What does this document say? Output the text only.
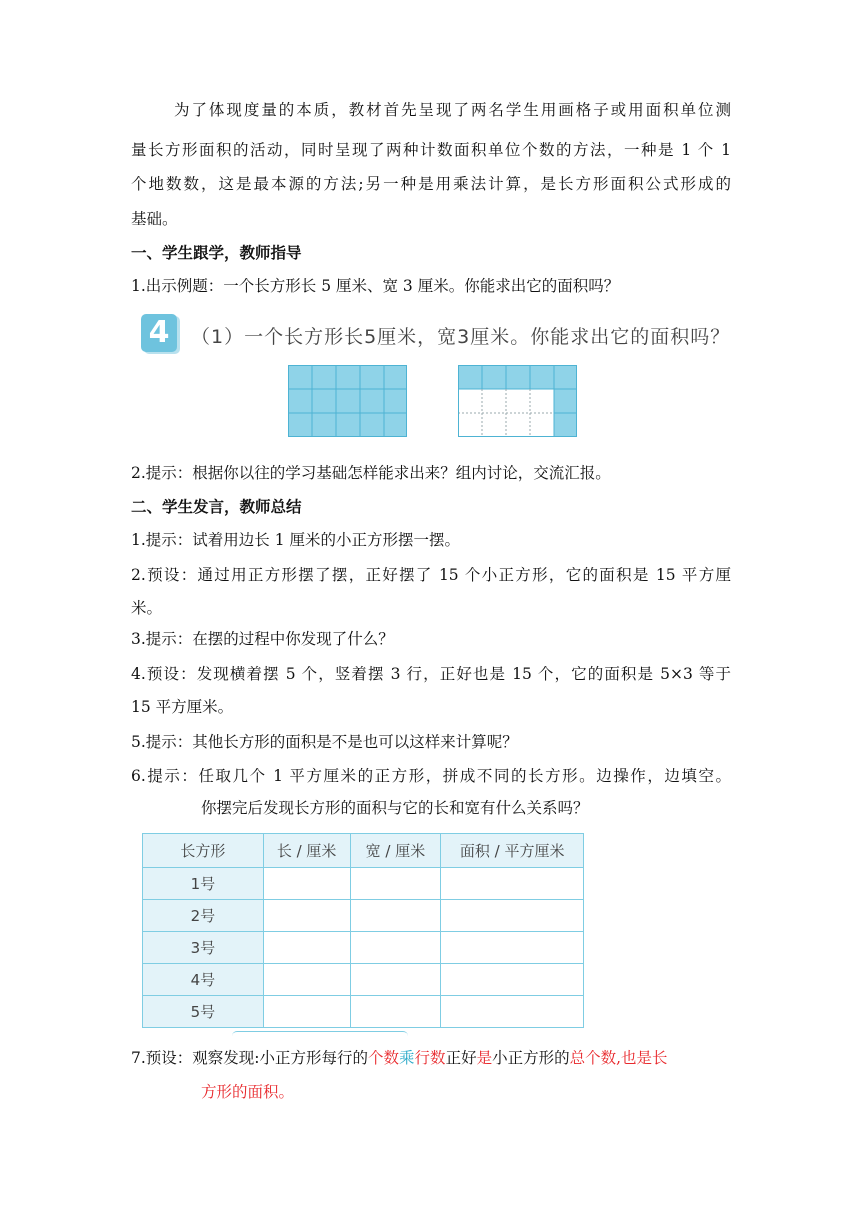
为了体现度量的本质，教材首先呈现了两名学生用画格子或用面积单位测

量长方形面积的活动，同时呈现了两种计数面积单位个数的方法，一种是 1 个 1

个地数数，这是最本源的方法;另一种是用乘法计算，是长方形面积公式形成的

基础。

一、学生跟学，教师指导

1.出示例题：一个长方形长 5 厘米、宽 3 厘米。你能求出它的面积吗？

4	（1）一个长方形长5厘米，宽3厘米。你能求出它的面积吗？

2.提示：根据你以往的学习基础怎样能求出来？组内讨论，交流汇报。

二、学生发言，教师总结

1.提示：试着用边长 1 厘米的小正方形摆一摆。

2.预设：通过用正方形摆了摆，正好摆了 15 个小正方形，它的面积是 15 平方厘

米。

3.提示：在摆的过程中你发现了什么？

4.预设：发现横着摆 5 个，竖着摆 3 行，正好也是 15 个，它的面积是 5×3 等于

15 平方厘米。

5.提示：其他长方形的面积是不是也可以这样来计算呢？

6.提示：任取几个 1 平方厘米的正方形，拼成不同的长方形。边操作，边填空。

你摆完后发现长方形的面积与它的长和宽有什么关系吗？

长方形	长 / 厘米	宽 / 厘米	面积 / 平方厘米
1号			
2号			
3号			
4号			
5号			

7.预设：观察发现:小正方形每行的个数乘行数正好是小正方形的总个数,也是长

方形的面积。
